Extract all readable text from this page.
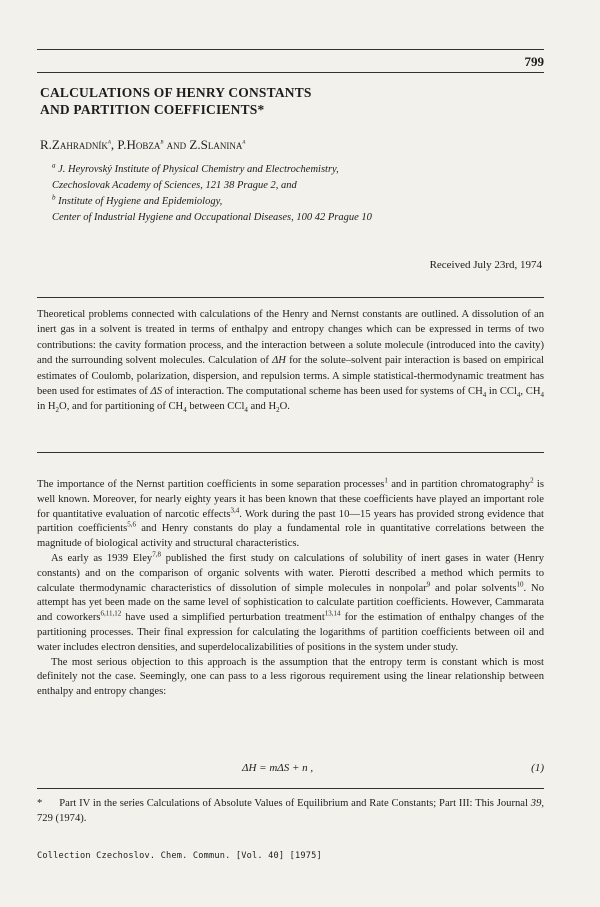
799
CALCULATIONS OF HENRY CONSTANTS
AND PARTITION COEFFICIENTS*
R.Zahradník$^a$, P.Hobza$^b$ and Z.Slanina$^a$
$^a$ J. Heyrovský Institute of Physical Chemistry and Electrochemistry,
Czechoslovak Academy of Sciences, 121 38 Prague 2, and
$^b$ Institute of Hygiene and Epidemiology,
Center of Industrial Hygiene and Occupational Diseases, 100 42 Prague 10
Received July 23rd, 1974
Theoretical problems connected with calculations of the Henry and Nernst constants are outlined. A dissolution of an inert gas in a solvent is treated in terms of enthalpy and entropy changes which can be expressed in terms of two contributions: the cavity formation process, and the interaction between a solute molecule (introduced into the cavity) and the surrounding solvent molecules. Calculation of ΔH for the solute–solvent pair interaction is based on empirical estimates of Coulomb, polarization, dispersion, and repulsion terms. A simple statistical-thermodynamic treatment has been used for estimates of ΔS of interaction. The computational scheme has been used for systems of $CH_4$ in CCl$_4$, $CH_4$ in $H_2O$, and for partitioning of $CH_4$ between CCl$_4$ and $H_2O$.

The importance of the Nernst partition coefficients in some separation processes$^1$ and in partition chromatography$^2$ is well known. Moreover, for nearly eighty years it has been known that these coefficients have played an important role for quantitative evaluation of narcotic effects$^{3,4}$. Work during the past 10—15 years has provided strong evidence that partition coefficients$^{5,6}$ and Henry constants do play a fundamental role in quantitative correlations between the magnitude of biological activity and structural characteristics.

As early as 1939 Eley$^{7,8}$ published the first study on calculations of solubility of inert gases in water (Henry constants) and on the comparison of organic solvents with water. Pierotti described a method which permits to calculate thermodynamic characteristics of dissolution of simple molecules in nonpolar$^9$ and polar solvents$^{10}$. No attempt has yet been made on the same level of sophistication to calculate partition coefficients. However, Cammarata and coworkers$^{6,11,12}$ have used a simplified perturbation treatment$^{13,14}$ for the estimation of enthalpy changes of the partitioning processes. Their final expression for calculating the logarithms of partition coefficients between oil and water includes electron densities, and superdelocalizabilities of positions in the system under study.

The most serious objection to this approach is the assumption that the entropy term is constant which is most definitely not the case. Seemingly, one can pass to a less rigorous requirement using the linear relationship between enthalpy and entropy changes:

ΔH = mΔS + n ,	(1)
* Part IV in the series Calculations of Absolute Values of Equilibrium and Rate Constants; Part III: This Journal 39, 729 (1974).
Collection Czechoslov. Chem. Commun. [Vol. 40] [1975]
